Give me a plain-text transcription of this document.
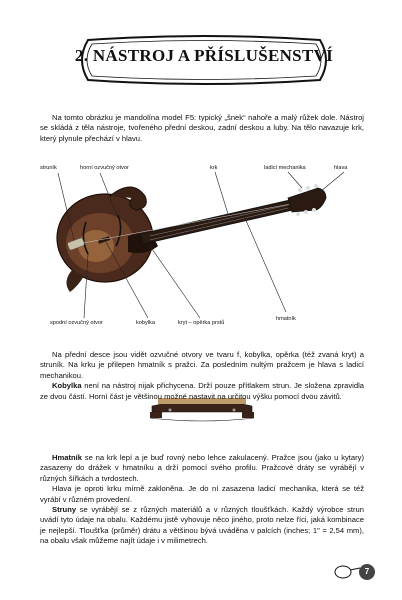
2. NÁSTROJ A PŘÍSLUŠENSTVÍ

Na tomto obrázku je mandolína model F5: typický „šnek“ nahoře a malý růžek dole. Nástroj se skládá z těla nástroje, tvořeného přední deskou, zadní deskou a luby. Na tělo navazuje krk, který plynule přechází v hlavu.

struník	horní ozvučný otvor	krk	ladicí mechanika	hlava
spodní ozvučný otvor	kobylka	kryt – opěrka prstů
hmatník

Na přední desce jsou vidět ozvučné otvory ve tvaru f, kobylka, opěrka (též zvaná kryt) a struník. Na krku je přilepen hmatník s pražci. Za posledním nultým pražcem je hlava s ladicí mechanikou.

Kobylka není na nástroj nijak přichycena. Drží pouze přítlakem strun. Je složena zpravidla ze dvou částí. Horní část je většinou možné nastavit na určitou výšku pomocí dvou závitů.

Hmatník se na krk lepí a je buď rovný nebo lehce zakulacený. Pražce jsou (jako u kytary) zasazeny do drážek v hmatníku a drží pomocí svého profilu. Pražcové dráty se vyrábějí v různých šířkách a tvrdostech.

Hlava je oproti krku mírně zakloněna. Je do ní zasazena ladicí mechanika, která se též vyrábí v různém provedení.

Struny se vyrábějí se z různých materiálů a v různých tloušťkách. Každý výrobce strun uvádí tyto údaje na obalu. Každému jistě vyhovuje něco jiného, proto nelze říci, jaká kombinace je nejlepší. Tloušťka (průměr) drátu a většinou bývá uváděna v palcích (inches; 1" = 2,54 mm), na obalu však můžeme najít údaje i v milimetrech.

7
